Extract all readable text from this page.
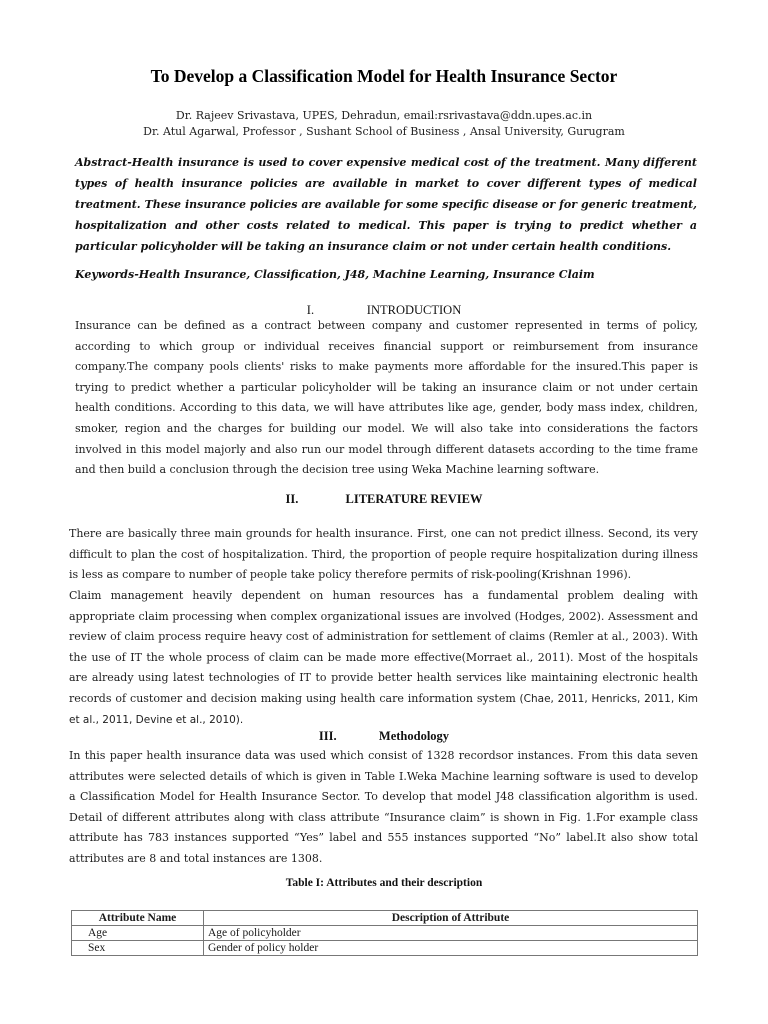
To Develop a Classification Model for Health Insurance Sector
Dr. Rajeev Srivastava, UPES, Dehradun, email:rsrivastava@ddn.upes.ac.in
Dr. Atul Agarwal, Professor , Sushant School of Business , Ansal University, Gurugram
Abstract-Health insurance is used to cover expensive medical cost of the treatment. Many different types of health insurance policies are available in market to cover different types of medical treatment. These insurance policies are available for some specific disease or for generic treatment, hospitalization and other costs related to medical. This paper is trying to predict whether a particular policyholder will be taking an insurance claim or not under certain health conditions.
Keywords-Health Insurance, Classification, J48, Machine Learning, Insurance Claim
I.	INTRODUCTION
Insurance can be defined as a contract between company and customer represented in terms of policy, according to which group or individual receives financial support or reimbursement from insurance company.The company pools clients' risks to make payments more affordable for the insured.This paper is trying to predict whether a particular policyholder will be taking an insurance claim or not under certain health conditions. According to this data, we will have attributes like age, gender, body mass index, children, smoker, region and the charges for building our model. We will also take into considerations the factors involved in this model majorly and also run our model through different datasets according to the time frame and then build a conclusion through the decision tree using Weka Machine learning software.
II.	LITERATURE REVIEW
There are basically three main grounds for health insurance. First, one can not predict illness. Second, its very difficult to plan the cost of hospitalization. Third, the proportion of people require hospitalization during illness is less as compare to number of people take policy therefore permits of risk-pooling(Krishnan 1996).
Claim management heavily dependent on human resources has a fundamental problem dealing with appropriate claim processing when complex organizational issues are involved (Hodges, 2002). Assessment and review of claim process require heavy cost of administration for settlement of claims (Remler at al., 2003). With the use of IT the whole process of claim can be made more effective(Morraet al., 2011). Most of the hospitals are already using latest technologies of IT to provide better health services like maintaining electronic health records of customer and decision making using health care information system (Chae, 2011, Henricks, 2011, Kim et al., 2011, Devine et al., 2010).
III.	Methodology
In this paper health insurance data was used which consist of 1328 recordsor instances. From this data seven attributes were selected details of which is given in Table I.Weka Machine learning software is used to develop a Classification Model for Health Insurance Sector. To develop that model J48 classification algorithm is used. Detail of different attributes along with class attribute “Insurance claim” is shown in Fig. 1.For example class attribute has 783 instances supported “Yes” label and 555 instances supported “No” label.It also show total attributes are 8 and total instances are 1308.
Table I: Attributes and their description
Attribute Name	Description of Attribute
Age	Age of policyholder
Sex	Gender of policy holder
